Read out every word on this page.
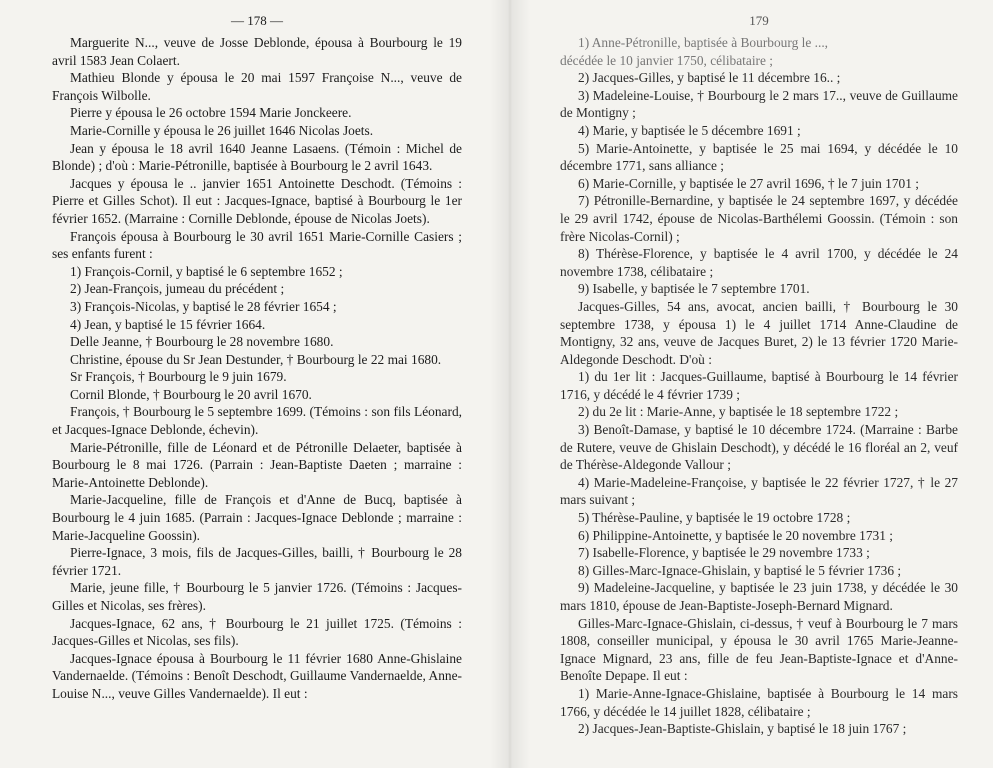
— 178 —

Marguerite N..., veuve de Josse Deblonde, épousa à Bourbourg le 19 avril 1583 Jean Colaert.

Mathieu Blonde y épousa le 20 mai 1597 Françoise N..., veuve de François Wilbolle.

Pierre y épousa le 26 octobre 1594 Marie Jonckeere.

Marie-Cornille y épousa le 26 juillet 1646 Nicolas Joets.

Jean y épousa le 18 avril 1640 Jeanne Lasaens. (Témoin : Michel de Blonde) ; d'où : Marie-Pétronille, baptisée à Bourbourg le 2 avril 1643.

Jacques y épousa le .. janvier 1651 Antoinette Deschodt. (Témoins : Pierre et Gilles Schot). Il eut : Jacques-Ignace, baptisé à Bourbourg le 1er février 1652. (Marraine : Cornille Deblonde, épouse de Nicolas Joets).

François épousa à Bourbourg le 30 avril 1651 Marie-Cornille Casiers ; ses enfants furent :

1) François-Cornil, y baptisé le 6 septembre 1652 ;

2) Jean-François, jumeau du précédent ;

3) François-Nicolas, y baptisé le 28 février 1654 ;

4) Jean, y baptisé le 15 février 1664.

Delle Jeanne, † Bourbourg le 28 novembre 1680.

Christine, épouse du Sr Jean Destunder, † Bourbourg le 22 mai 1680.

Sr François, † Bourbourg le 9 juin 1679.

Cornil Blonde, † Bourbourg le 20 avril 1670.

François, † Bourbourg le 5 septembre 1699. (Témoins : son fils Léonard, et Jacques-Ignace Deblonde, échevin).

Marie-Pétronille, fille de Léonard et de Pétronille Delaeter, baptisée à Bourbourg le 8 mai 1726. (Parrain : Jean-Baptiste Daeten ; marraine : Marie-Antoinette Deblonde).

Marie-Jacqueline, fille de François et d'Anne de Bucq, baptisée à Bourbourg le 4 juin 1685. (Parrain : Jacques-Ignace Deblonde ; marraine : Marie-Jacqueline Goossin).

Pierre-Ignace, 3 mois, fils de Jacques-Gilles, bailli, † Bourbourg le 28 février 1721.

Marie, jeune fille, † Bourbourg le 5 janvier 1726. (Témoins : Jacques-Gilles et Nicolas, ses frères).

Jacques-Ignace, 62 ans, † Bourbourg le 21 juillet 1725. (Témoins : Jacques-Gilles et Nicolas, ses fils).

Jacques-Ignace épousa à Bourbourg le 11 février 1680 Anne-Ghislaine Vandernaelde. (Témoins : Benoît Deschodt, Guillaume Vandernaelde, Anne-Louise N..., veuve Gilles Vandernaelde). Il eut :

179

1) Anne-Pétronille, baptisée à Bourbourg le ...,

décédée le 10 janvier 1750, célibataire ;

2) Jacques-Gilles, y baptisé le 11 décembre 16.. ;

3) Madeleine-Louise, † Bourbourg le 2 mars 17.., veuve de Guillaume de Montigny ;

4) Marie, y baptisée le 5 décembre 1691 ;

5) Marie-Antoinette, y baptisée le 25 mai 1694, y décédée le 10 décembre 1771, sans alliance ;

6) Marie-Cornille, y baptisée le 27 avril 1696, † le 7 juin 1701 ;

7) Pétronille-Bernardine, y baptisée le 24 septembre 1697, y décédée le 29 avril 1742, épouse de Nicolas-Barthélemi Goossin. (Témoin : son frère Nicolas-Cornil) ;

8) Thérèse-Florence, y baptisée le 4 avril 1700, y décédée le 24 novembre 1738, célibataire ;

9) Isabelle, y baptisée le 7 septembre 1701.

Jacques-Gilles, 54 ans, avocat, ancien bailli, † Bourbourg le 30 septembre 1738, y épousa 1) le 4 juillet 1714 Anne-Claudine de Montigny, 32 ans, veuve de Jacques Buret, 2) le 13 février 1720 Marie-Aldegonde Deschodt. D'où :

1) du 1er lit : Jacques-Guillaume, baptisé à Bourbourg le 14 février 1716, y décédé le 4 février 1739 ;

2) du 2e lit : Marie-Anne, y baptisée le 18 septembre 1722 ;

3) Benoît-Damase, y baptisé le 10 décembre 1724. (Marraine : Barbe de Rutere, veuve de Ghislain Deschodt), y décédé le 16 floréal an 2, veuf de Thérèse-Aldegonde Vallour ;

4) Marie-Madeleine-Françoise, y baptisée le 22 février 1727, † le 27 mars suivant ;

5) Thérèse-Pauline, y baptisée le 19 octobre 1728 ;

6) Philippine-Antoinette, y baptisée le 20 novembre 1731 ;

7) Isabelle-Florence, y baptisée le 29 novembre 1733 ;

8) Gilles-Marc-Ignace-Ghislain, y baptisé le 5 février 1736 ;

9) Madeleine-Jacqueline, y baptisée le 23 juin 1738, y décédée le 30 mars 1810, épouse de Jean-Baptiste-Joseph-Bernard Mignard.

Gilles-Marc-Ignace-Ghislain, ci-dessus, † veuf à Bourbourg le 7 mars 1808, conseiller municipal, y épousa le 30 avril 1765 Marie-Jeanne-Ignace Mignard, 23 ans, fille de feu Jean-Baptiste-Ignace et d'Anne-Benoîte Depape. Il eut :

1) Marie-Anne-Ignace-Ghislaine, baptisée à Bourbourg le 14 mars 1766, y décédée le 14 juillet 1828, célibataire ;

2) Jacques-Jean-Baptiste-Ghislain, y baptisé le 18 juin 1767 ;
